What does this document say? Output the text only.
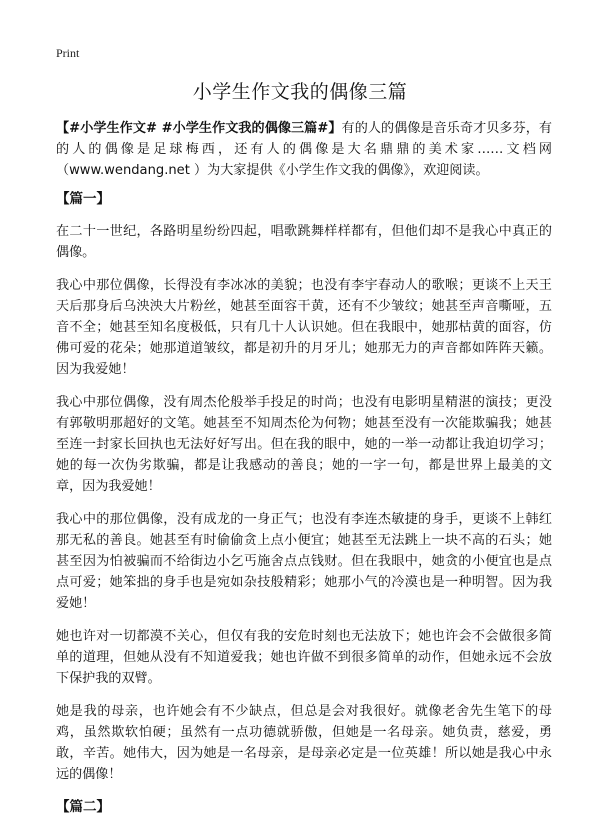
Print
小学生作文我的偶像三篇

【#小学生作文# #小学生作文我的偶像三篇#】有的人的偶像是音乐奇才贝多芬，有的人的偶像是足球梅西，还有人的偶像是大名鼎鼎的美术家……文档网（www.wendang.net ）为大家提供《小学生作文我的偶像》，欢迎阅读。

【篇一】

在二十一世纪，各路明星纷纷四起，唱歌跳舞样样都有，但他们却不是我心中真正的偶像。

我心中那位偶像，长得没有李冰冰的美貌；也没有李宇春动人的歌喉；更谈不上天王天后那身后乌泱泱大片粉丝，她甚至面容干黄，还有不少皱纹；她甚至声音嘶哑，五音不全；她甚至知名度极低，只有几十人认识她。但在我眼中，她那枯黄的面容，仿佛可爱的花朵；她那道道皱纹，都是初升的月牙儿；她那无力的声音都如阵阵天籁。因为我爱她！

我心中那位偶像，没有周杰伦般举手投足的时尚；也没有电影明星精湛的演技；更没有郭敬明那超好的文笔。她甚至不知周杰伦为何物；她甚至没有一次能欺骗我；她甚至连一封家长回执也无法好好写出。但在我的眼中，她的一举一动都让我迫切学习；她的每一次伪劣欺骗，都是让我感动的善良；她的一字一句，都是世界上最美的文章，因为我爱她！

我心中的那位偶像，没有成龙的一身正气；也没有李连杰敏捷的身手，更谈不上韩红那无私的善良。她甚至有时偷偷贪上点小便宜；她甚至无法跳上一块不高的石头；她甚至因为怕被骗而不给街边小乞丐施舍点点钱财。但在我眼中，她贪的小便宜也是点点可爱；她笨拙的身手也是宛如杂技般精彩；她那小气的冷漠也是一种明智。因为我爱她！

她也许对一切都漠不关心，但仅有我的安危时刻也无法放下；她也许会不会做很多简单的道理，但她从没有不知道爱我；她也许做不到很多简单的动作，但她永远不会放下保护我的双臂。

她是我的母亲，也许她会有不少缺点，但总是会对我很好。就像老舍先生笔下的母鸡，虽然欺软怕硬；虽然有一点功德就骄傲，但她是一名母亲。她负责，慈爱，勇敢，辛苦。她伟大，因为她是一名母亲，是母亲必定是一位英雄！所以她是我心中永远的偶像！

【篇二】
